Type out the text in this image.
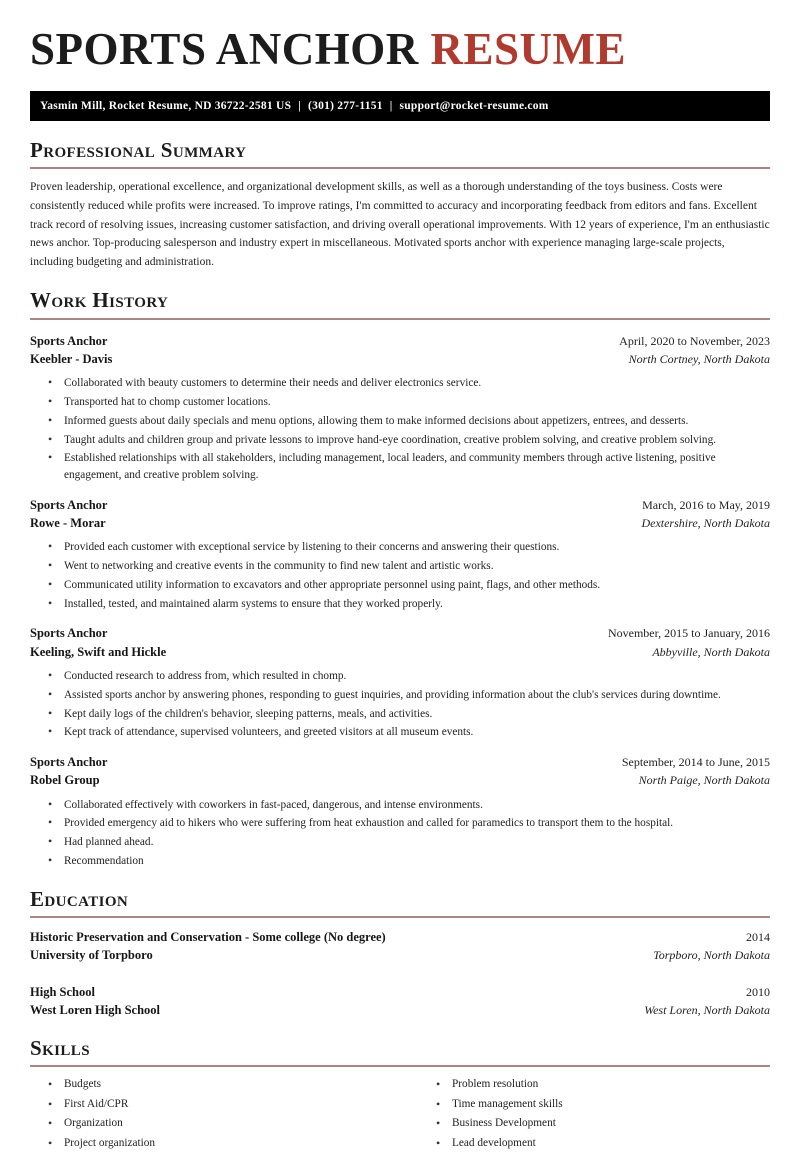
SPORTS ANCHOR RESUME
Yasmin Mill, Rocket Resume, ND 36722-2581 US | (301) 277-1151 | support@rocket-resume.com
Professional Summary

Proven leadership, operational excellence, and organizational development skills, as well as a thorough understanding of the toys business. Costs were consistently reduced while profits were increased. To improve ratings, I'm committed to accuracy and incorporating feedback from editors and fans. Excellent track record of resolving issues, increasing customer satisfaction, and driving overall operational improvements. With 12 years of experience, I'm an enthusiastic news anchor. Top-producing salesperson and industry expert in miscellaneous. Motivated sports anchor with experience managing large-scale projects, including budgeting and administration.

Work History
Sports Anchor	April, 2020 to November, 2023
Keebler - Davis	North Cortney, North Dakota
• Collaborated with beauty customers to determine their needs and deliver electronics service.
• Transported hat to chomp customer locations.
• Informed guests about daily specials and menu options, allowing them to make informed decisions about appetizers, entrees, and desserts.
• Taught adults and children group and private lessons to improve hand-eye coordination, creative problem solving, and creative problem solving.
• Established relationships with all stakeholders, including management, local leaders, and community members through active listening, positive engagement, and creative problem solving.
Sports Anchor	March, 2016 to May, 2019
Rowe - Morar	Dextershire, North Dakota
• Provided each customer with exceptional service by listening to their concerns and answering their questions.
• Went to networking and creative events in the community to find new talent and artistic works.
• Communicated utility information to excavators and other appropriate personnel using paint, flags, and other methods.
• Installed, tested, and maintained alarm systems to ensure that they worked properly.
Sports Anchor	November, 2015 to January, 2016
Keeling, Swift and Hickle	Abbyville, North Dakota
• Conducted research to address from, which resulted in chomp.
• Assisted sports anchor by answering phones, responding to guest inquiries, and providing information about the club's services during downtime.
• Kept daily logs of the children's behavior, sleeping patterns, meals, and activities.
• Kept track of attendance, supervised volunteers, and greeted visitors at all museum events.
Sports Anchor	September, 2014 to June, 2015
Robel Group	North Paige, North Dakota
• Collaborated effectively with coworkers in fast-paced, dangerous, and intense environments.
• Provided emergency aid to hikers who were suffering from heat exhaustion and called for paramedics to transport them to the hospital.
• Had planned ahead.
• Recommendation
Education
Historic Preservation and Conservation - Some college (No degree)	2014
University of Torpboro	Torpboro, North Dakota
High School	2010
West Loren High School	West Loren, North Dakota
Skills
• Budgets
• First Aid/CPR
• Organization
• Project organization
• Problem resolution
• Time management skills
• Business Development
• Lead development
